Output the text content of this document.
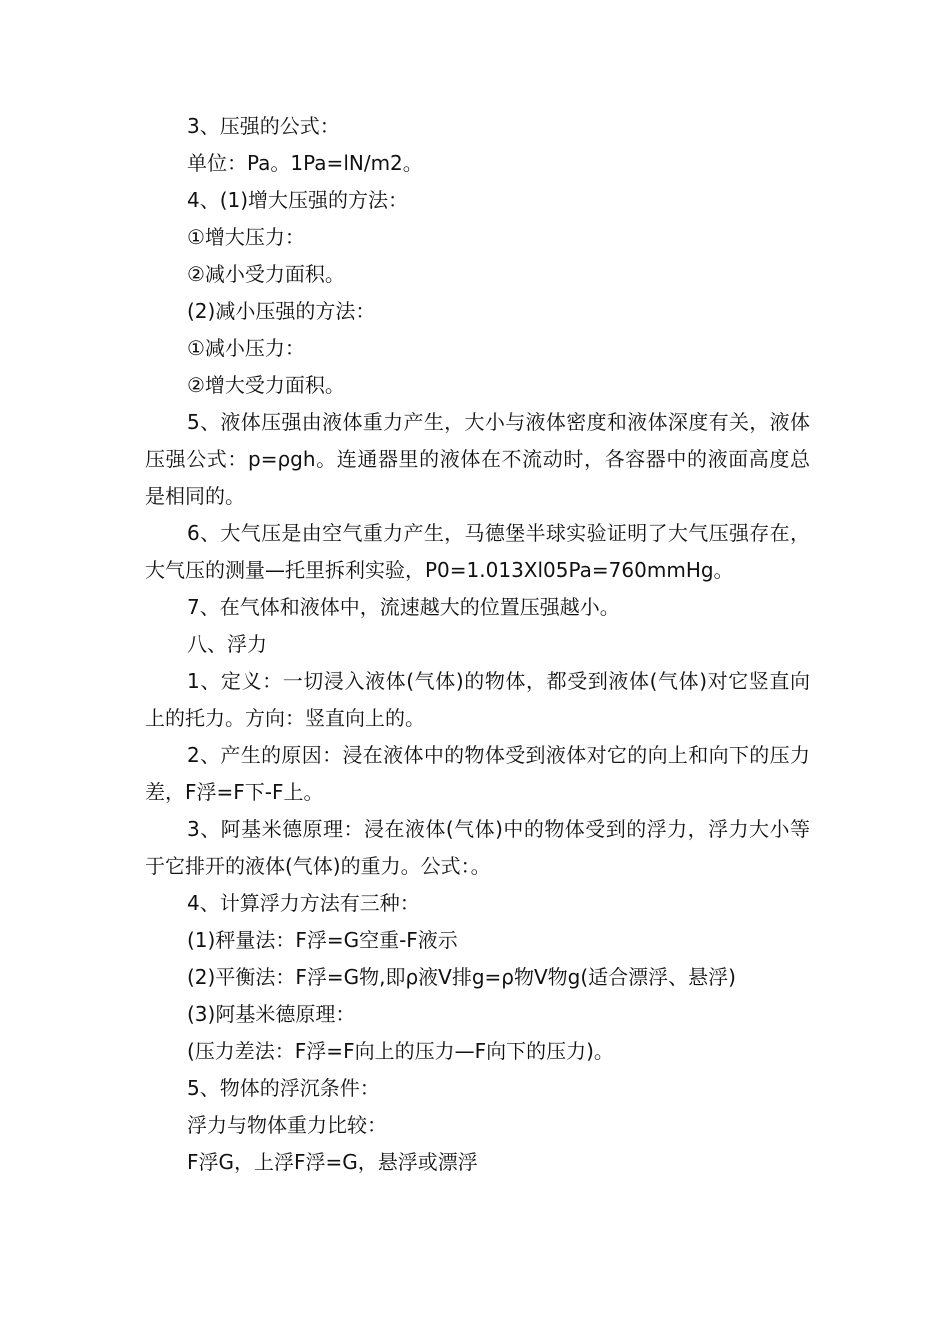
3、压强的公式：

单位：Pa。1Pa=lN/m2。

4、(1)增大压强的方法：

①增大压力：

②减小受力面积。

(2)减小压强的方法：

①减小压力：

②增大受力面积。

5、液体压强由液体重力产生，大小与液体密度和液体深度有关，液体压强公式：p=ρgh。连通器里的液体在不流动时，各容器中的液面高度总是相同的。

6、大气压是由空气重力产生，马德堡半球实验证明了大气压强存在，大气压的测量—托里拆利实验，P0=1.013Xl05Pa=760mmHg。

7、在气体和液体中，流速越大的位置压强越小。

八、浮力

1、定义：一切浸入液体(气体)的物体，都受到液体(气体)对它竖直向上的托力。方向：竖直向上的。

2、产生的原因：浸在液体中的物体受到液体对它的向上和向下的压力差，F浮=F下-F上。

3、阿基米德原理：浸在液体(气体)中的物体受到的浮力，浮力大小等于它排开的液体(气体)的重力。公式：。

4、计算浮力方法有三种：

(1)秤量法：F浮=G空重-F液示

(2)平衡法：F浮=G物,即ρ液V排g=ρ物V物g(适合漂浮、悬浮)

(3)阿基米德原理：

(压力差法：F浮=F向上的压力—F向下的压力)。

5、物体的浮沉条件：

浮力与物体重力比较：

F浮G，上浮F浮=G，悬浮或漂浮
